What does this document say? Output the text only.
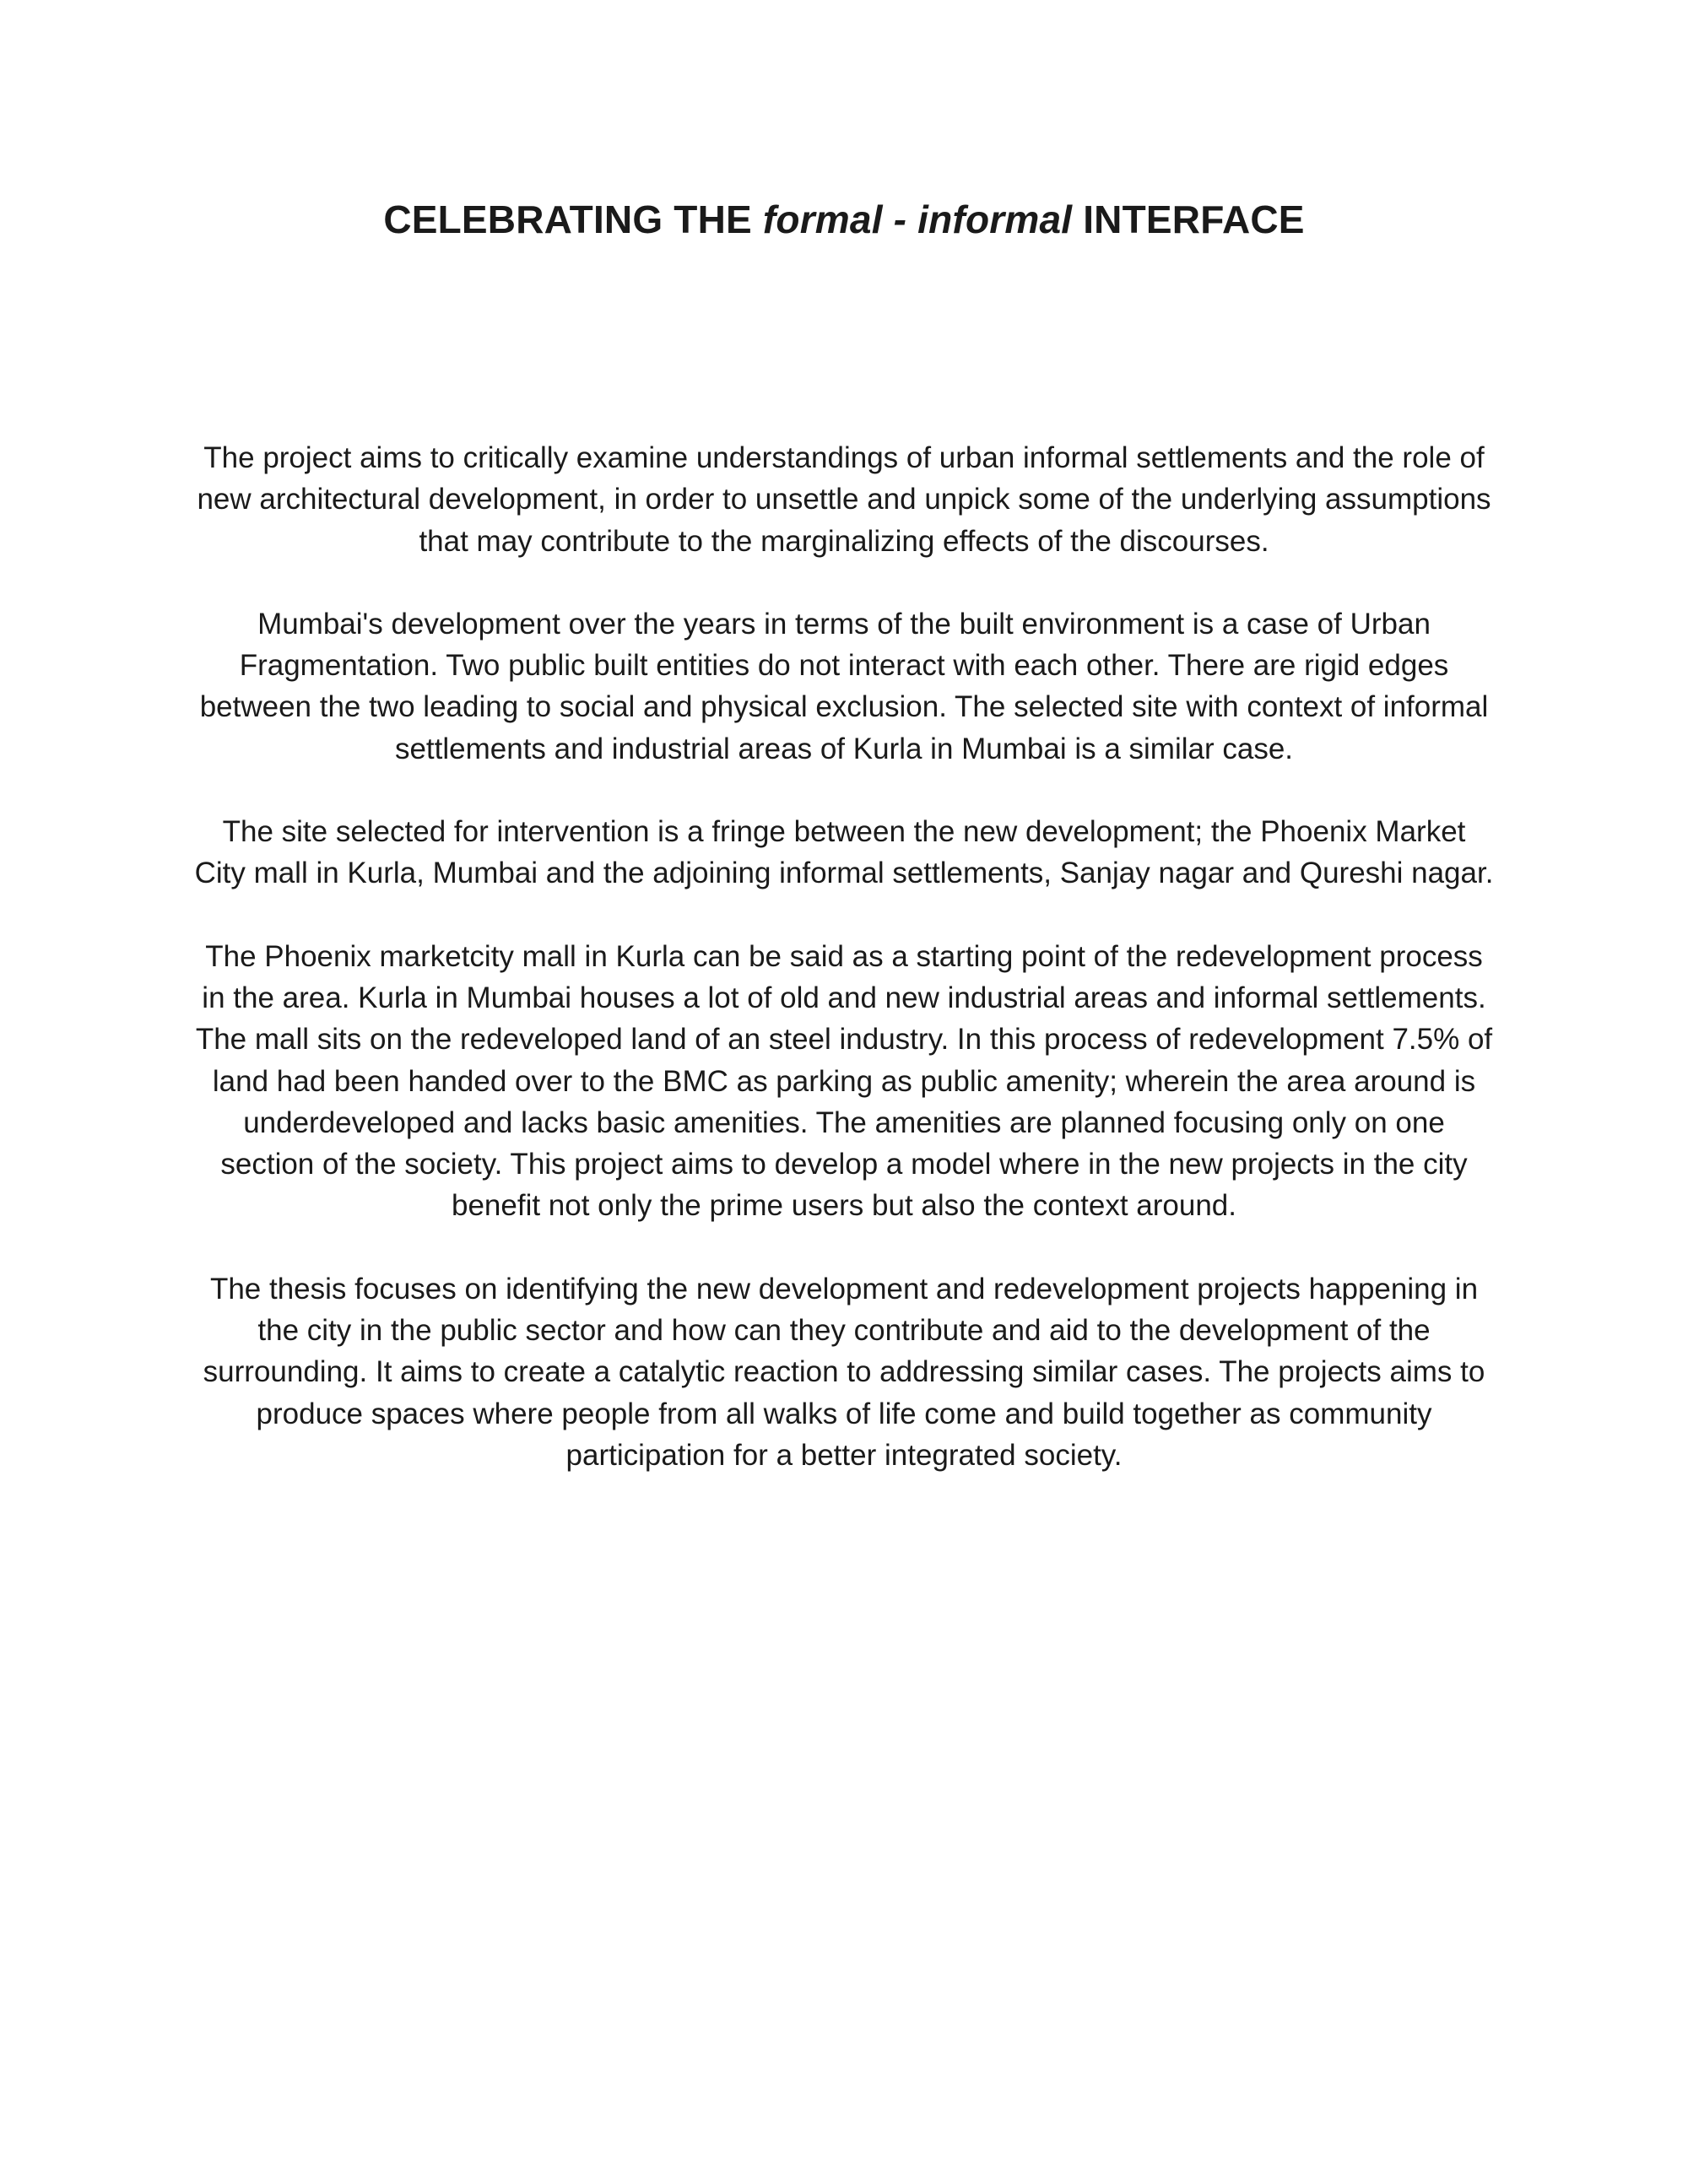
CELEBRATING THE formal - informal INTERFACE

The project aims to critically examine understandings of urban informal settlements and the role of new architectural development, in order to unsettle and unpick some of the underlying assumptions that may contribute to the marginalizing effects of the discourses.

Mumbai's development over the years in terms of the built environment is a case of Urban Fragmentation. Two public built entities do not interact with each other. There are rigid edges between the two leading to social and physical exclusion. The selected site with context of informal settlements and industrial areas of Kurla in Mumbai is a similar case.

The site selected for intervention is a fringe between the new development; the Phoenix Market City mall in Kurla, Mumbai and the adjoining informal settlements, Sanjay nagar and Qureshi nagar.

The Phoenix marketcity mall in Kurla can be said as a starting point of the redevelopment process in the area. Kurla in Mumbai houses a lot of old and new industrial areas and informal settlements. The mall sits on the redeveloped land of an steel industry. In this process of redevelopment 7.5% of land had been handed over to the BMC as parking as public amenity; wherein the area around is underdeveloped and lacks basic amenities. The amenities are planned focusing only on one section of the society. This project aims to develop a model where in the new projects in the city benefit not only the prime users but also the context around.

The thesis focuses on identifying the new development and redevelopment projects happening in the city in the public sector and how can they contribute and aid to the development of the surrounding. It aims to create a catalytic reaction to addressing similar cases. The projects aims to produce spaces where people from all walks of life come and build together as community participation for a better integrated society.
